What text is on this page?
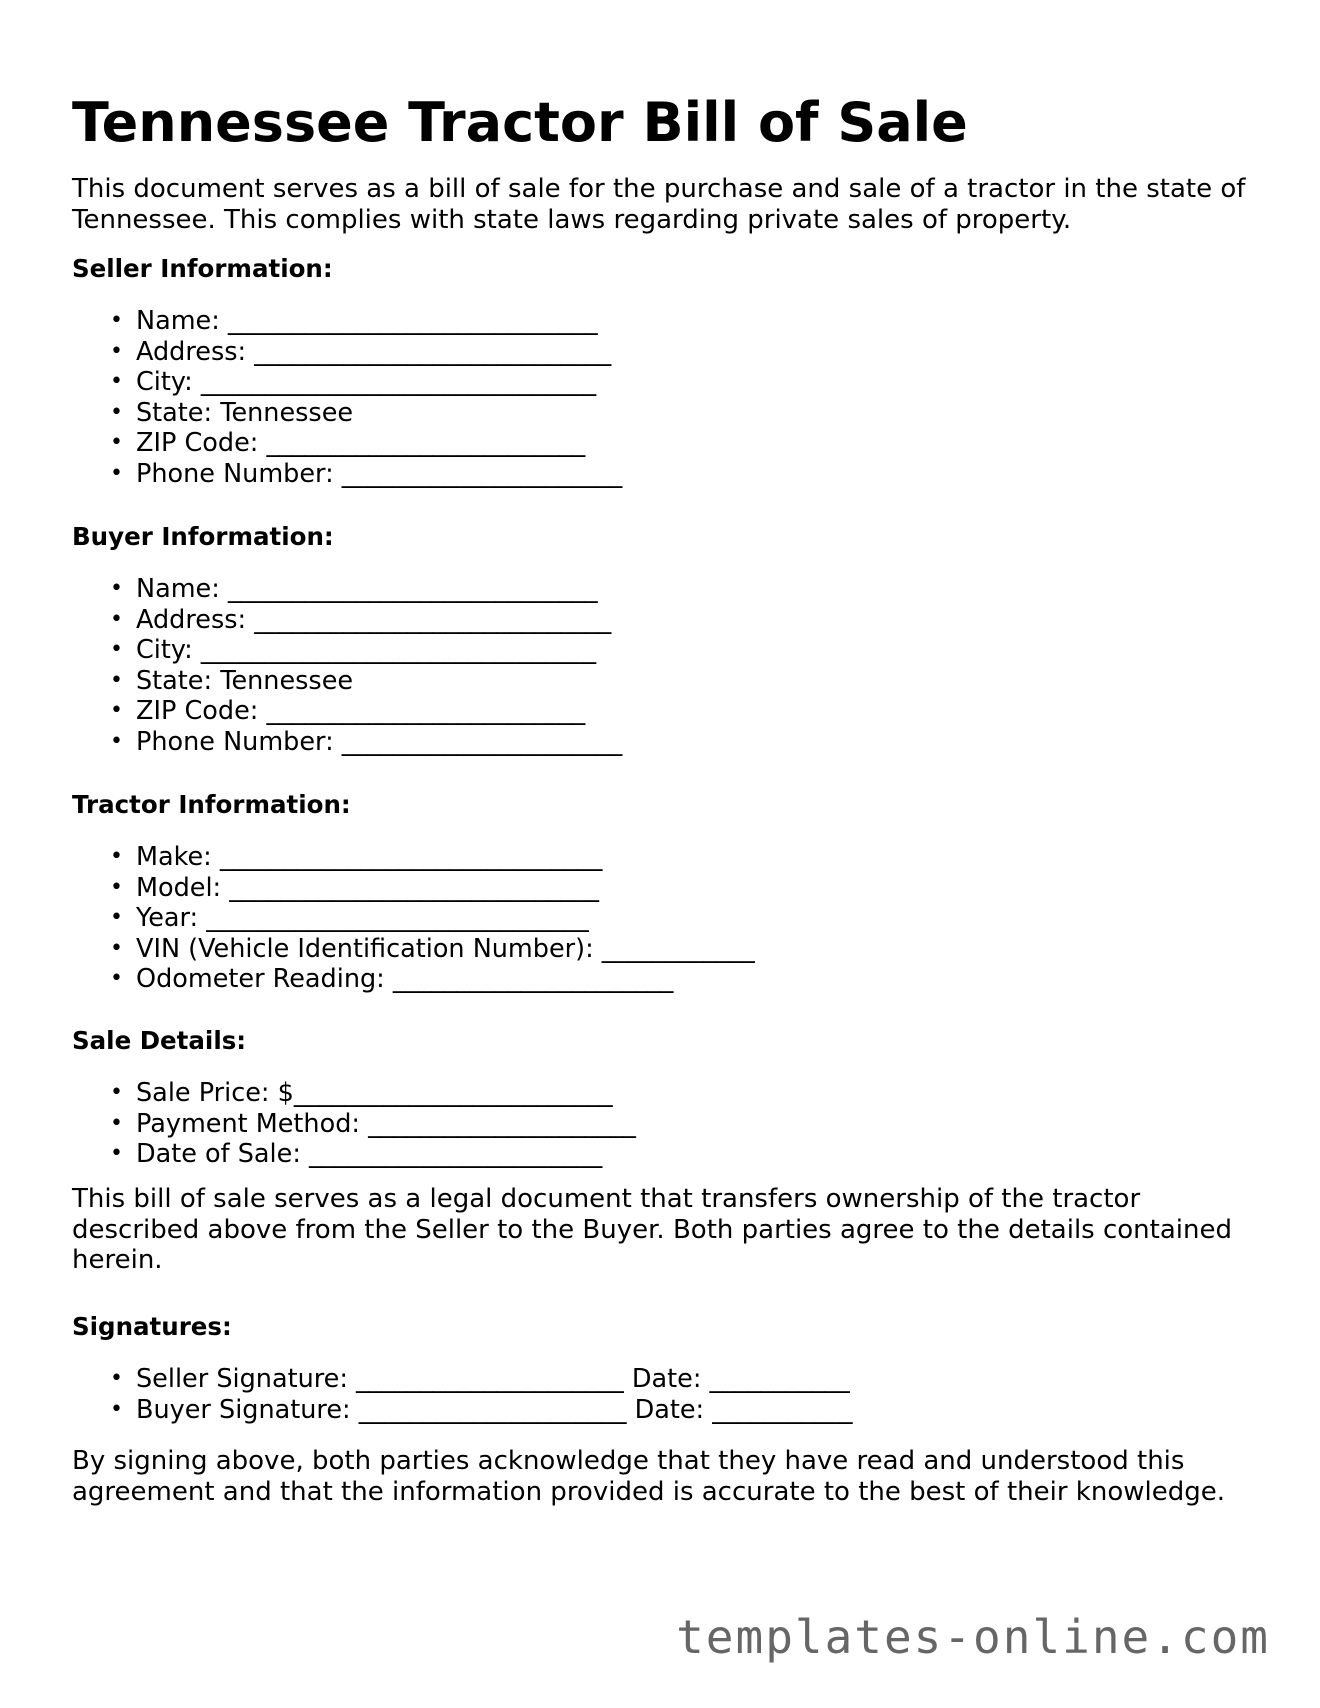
Tennessee Tractor Bill of Sale

This document serves as a bill of sale for the purchase and sale of a tractor in the state of Tennessee. This complies with state laws regarding private sales of property.

Seller Information:
• Name: _____________________________
• Address: ____________________________
• City: _______________________________
• State: Tennessee
• ZIP Code: _________________________
• Phone Number: ______________________
Buyer Information:
• Name: _____________________________
• Address: ____________________________
• City: _______________________________
• State: Tennessee
• ZIP Code: _________________________
• Phone Number: ______________________
Tractor Information:
• Make: ______________________________
• Model: _____________________________
• Year: ______________________________
• VIN (Vehicle Identification Number): ____________
• Odometer Reading: ______________________
Sale Details:
• Sale Price: $_________________________
• Payment Method: _____________________
• Date of Sale: _______________________

This bill of sale serves as a legal document that transfers ownership of the tractor described above from the Seller to the Buyer. Both parties agree to the details contained herein.

Signatures:
• Seller Signature: _____________________ Date: ___________
• Buyer Signature: _____________________ Date: ___________

By signing above, both parties acknowledge that they have read and understood this agreement and that the information provided is accurate to the best of their knowledge.

templates-online.com
